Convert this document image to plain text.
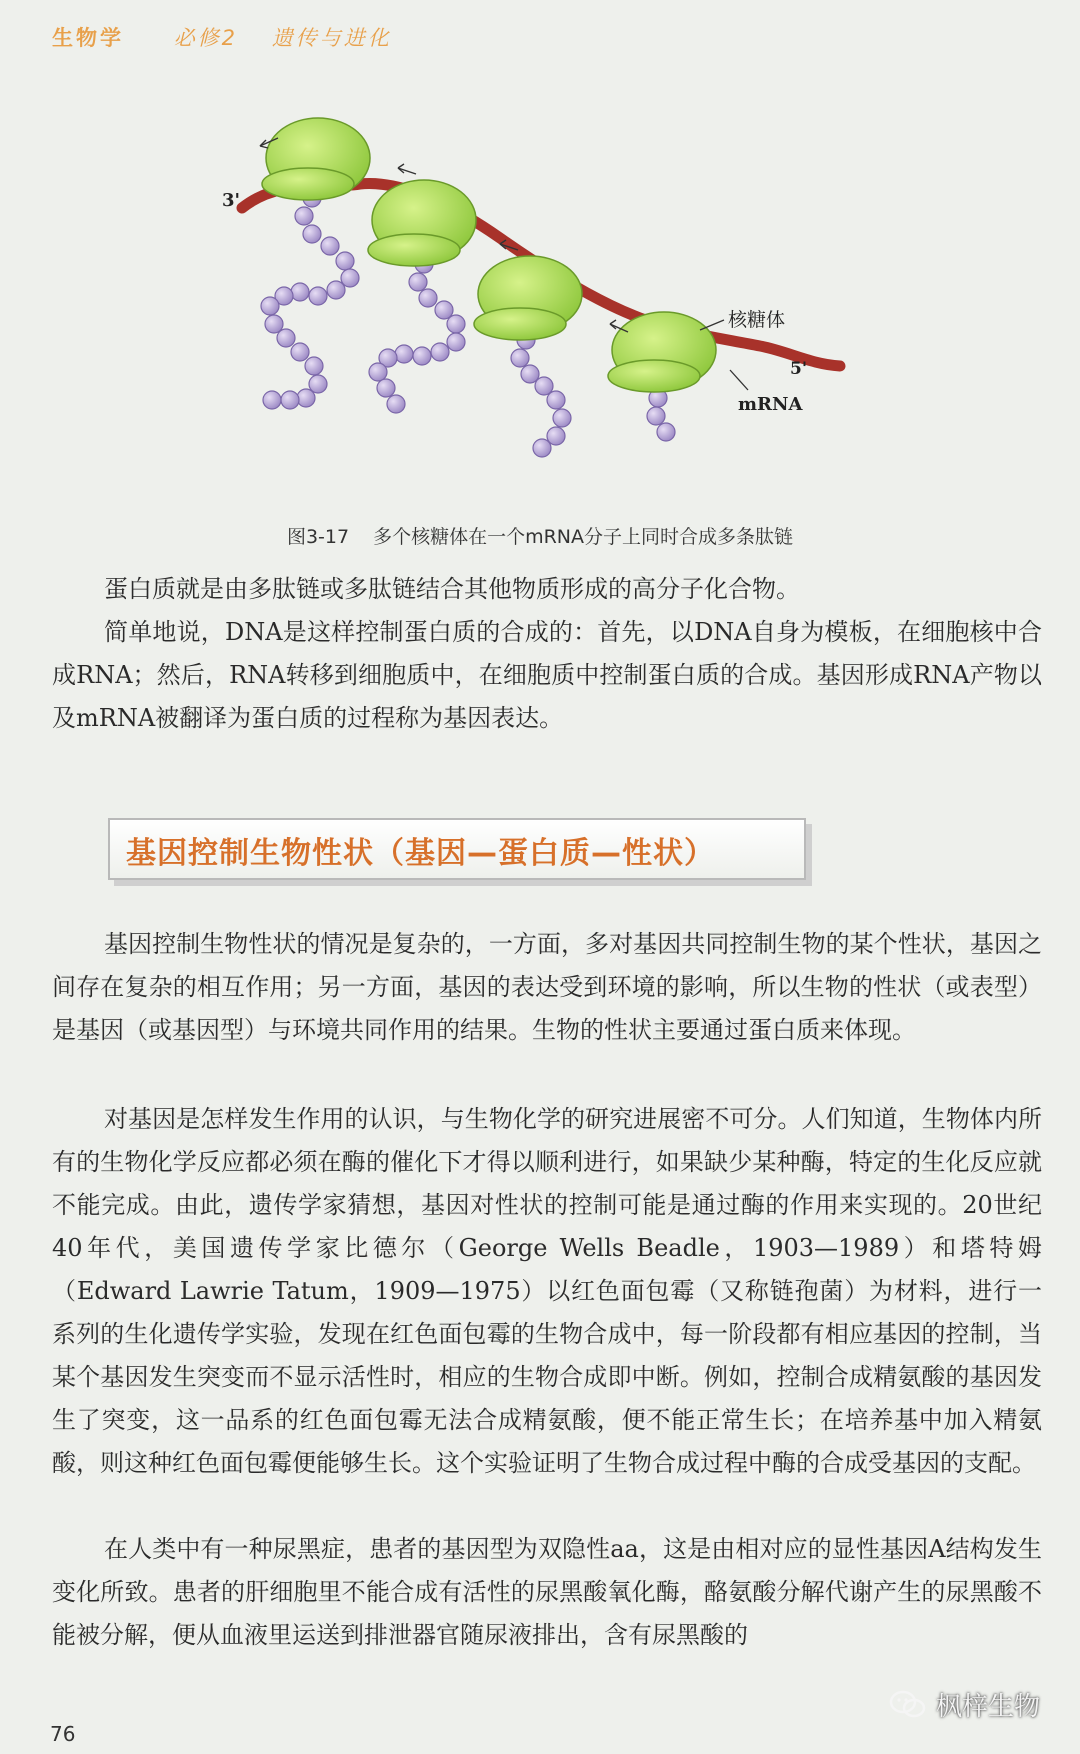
生物学 必修2 遗传与进化
3'
核糖体
5'
mRNA
图3-17 多个核糖体在一个mRNA分子上同时合成多条肽链

蛋白质就是由多肽链或多肽链结合其他物质形成的高分子化合物。

简单地说，DNA是这样控制蛋白质的合成的：首先，以DNA自身为模板，在细胞核中合成RNA；然后，RNA转移到细胞质中，在细胞质中控制蛋白质的合成。基因形成RNA产物以及mRNA被翻译为蛋白质的过程称为基因表达。

基因控制生物性状（基因—蛋白质—性状）

基因控制生物性状的情况是复杂的，一方面，多对基因共同控制生物的某个性状，基因之间存在复杂的相互作用；另一方面，基因的表达受到环境的影响，所以生物的性状（或表型）是基因（或基因型）与环境共同作用的结果。生物的性状主要通过蛋白质来体现。

对基因是怎样发生作用的认识，与生物化学的研究进展密不可分。人们知道，生物体内所有的生物化学反应都必须在酶的催化下才得以顺利进行，如果缺少某种酶，特定的生化反应就不能完成。由此，遗传学家猜想，基因对性状的控制可能是通过酶的作用来实现的。20世纪40年代，美国遗传学家比德尔（George Wells Beadle，1903—1989）和塔特姆（Edward Lawrie Tatum，1909—1975）以红色面包霉（又称链孢菌）为材料，进行一系列的生化遗传学实验，发现在红色面包霉的生物合成中，每一阶段都有相应基因的控制，当某个基因发生突变而不显示活性时，相应的生物合成即中断。例如，控制合成精氨酸的基因发生了突变，这一品系的红色面包霉无法合成精氨酸，便不能正常生长；在培养基中加入精氨酸，则这种红色面包霉便能够生长。这个实验证明了生物合成过程中酶的合成受基因的支配。

在人类中有一种尿黑症，患者的基因型为双隐性aa，这是由相对应的显性基因A结构发生变化所致。患者的肝细胞里不能合成有活性的尿黑酸氧化酶，酪氨酸分解代谢产生的尿黑酸不能被分解，便从血液里运送到排泄器官随尿液排出，含有尿黑酸的

76
枫梓生物
